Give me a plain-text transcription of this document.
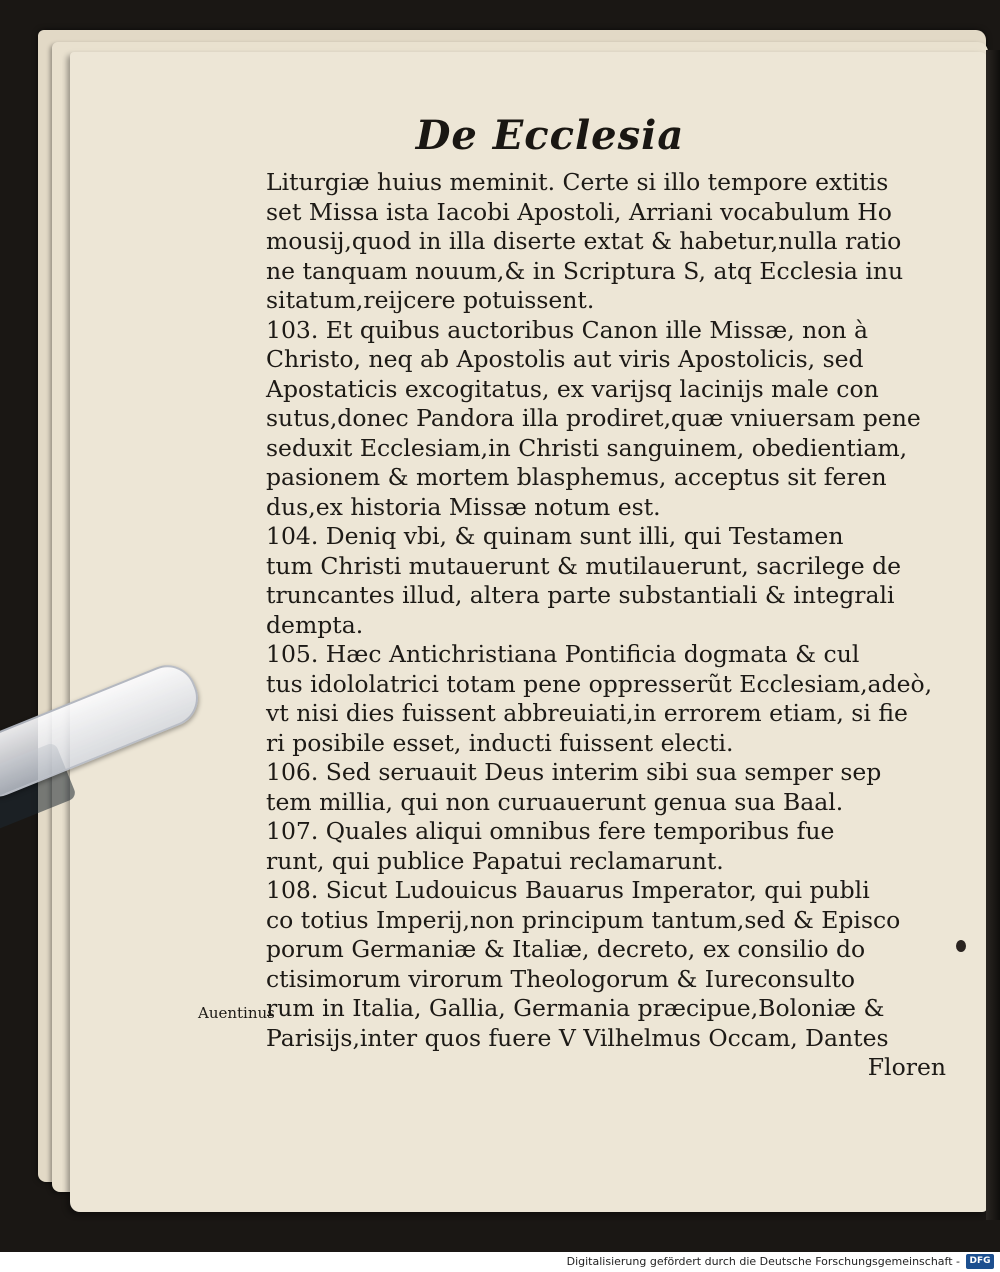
De Ecclesia
Liturgiæ huius meminit. Certe si illo tempore extitis
set Missa ista Iacobi Apostoli, Arriani vocabulum Ho
mousij,quod in illa diserte extat & habetur,nulla ratio
ne tanquam nouum,& in Scriptura S, atq Ecclesia inu
sitatum,reijcere potuissent.
103. Et quibus auctoribus Canon ille Missæ, non à
Christo, neq ab Apostolis aut viris Apostolicis, sed
Apostaticis excogitatus, ex varijsq lacinijs male con
sutus,donec Pandora illa prodiret,quæ vniuersam pene
seduxit Ecclesiam,in Christi sanguinem, obedientiam,
pasionem & mortem blasphemus, acceptus sit feren
dus,ex historia Missæ notum est.
104. Deniq vbi, & quinam sunt illi, qui Testamen
tum Christi mutauerunt & mutilauerunt, sacrilege de
truncantes illud, altera parte substantiali & integrali
dempta.
105. Hæc Antichristiana Pontificia dogmata & cul
tus idololatrici totam pene oppresserũt Ecclesiam,adeò,
vt nisi dies fuissent abbreuiati,in errorem etiam, si fie
ri posibile esset, inducti fuissent electi.
106. Sed seruauit Deus interim sibi sua semper sep
tem millia, qui non curuauerunt genua sua Baal.
107. Quales aliqui omnibus fere temporibus fue
runt, qui publice Papatui reclamarunt.
108. Sicut Ludouicus Bauarus Imperator, qui publi
co totius Imperij,non principum tantum,sed & Episco
porum Germaniæ & Italiæ, decreto, ex consilio do
ctisimorum virorum Theologorum & Iureconsulto
rum in Italia, Gallia, Germania præcipue,Boloniæ &
Parisijs,inter quos fuere V Vilhelmus Occam, Dantes
Floren

Auentinus

Digitalisierung gefördert durch die Deutsche Forschungsgemeinschaft -	DFG
